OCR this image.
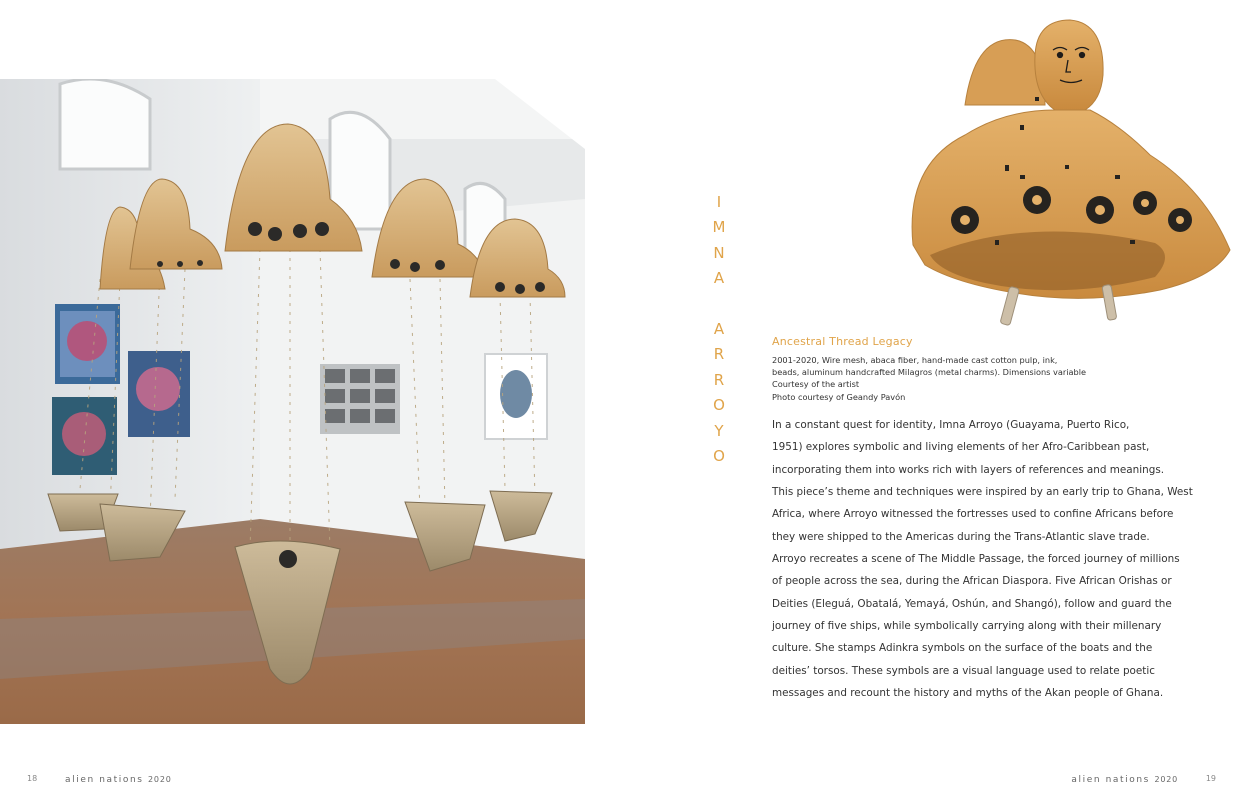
I
M
N
A
A
R
R
O
Y
O
Ancestral Thread Legacy
2001-2020, Wire mesh, abaca fiber, hand-made cast cotton pulp, ink,
beads, aluminum handcrafted Milagros (metal charms). Dimensions variable
Courtesy of the artist
Photo courtesy of Geandy Pavón
In a constant quest for identity, Imna Arroyo (Guayama, Puerto Rico,
1951) explores symbolic and living elements of her Afro-Caribbean past,
incorporating them into works rich with layers of references and meanings.
This piece’s theme and techniques were inspired by an early trip to Ghana, West
Africa, where Arroyo witnessed the fortresses used to confine Africans before
they were shipped to the Americas during the Trans-Atlantic slave trade.
Arroyo recreates a scene of The Middle Passage, the forced journey of millions
of people across the sea, during the African Diaspora. Five African Orishas or
Deities (Eleguá, Obatalá, Yemayá, Oshún, and Shangó), follow and guard the
journey of five ships, while symbolically carrying along with their millenary
culture. She stamps Adinkra symbols on the surface of the boats and the
deities’ torsos. These symbols are a visual language used to relate poetic
messages and recount the history and myths of the Akan people of Ghana.
18	alien nations 2020	alien nations 2020	19
